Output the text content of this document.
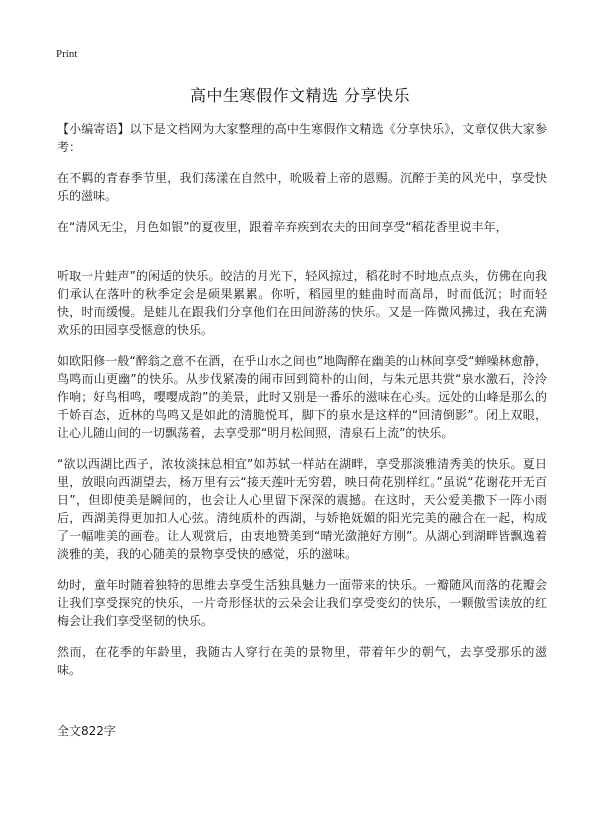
Print
高中生寒假作文精选 分享快乐

【小编寄语】以下是文档网为大家整理的高中生寒假作文精选《分享快乐》，文章仅供大家参考：

在不羁的青春季节里，我们荡漾在自然中，吮吸着上帝的恩赐。沉醉于美的风光中，享受快乐的滋味。

在“清风无尘，月色如银”的夏夜里，跟着辛弃疾到农夫的田间享受“稻花香里说丰年，

听取一片蛙声”的闲适的快乐。皎洁的月光下，轻风掠过，稻花时不时地点点头，仿佛在向我们承认在落叶的秋季定会是硕果累累。你听，稻园里的蛙曲时而高昂，时而低沉；时而轻快，时而缓慢。是蛙儿在跟我们分享他们在田间游荡的快乐。又是一阵微风拂过，我在充满欢乐的田园享受惬意的快乐。

如欧阳修一般“醉翁之意不在酒，在乎山水之间也”地陶醉在幽美的山林间享受“蝉噪林愈静，鸟鸣而山更幽”的快乐。从步伐紧凑的闹市回到简朴的山间，与朱元思共赏“泉水激石，泠泠作响；好鸟相鸣，嘤嘤成韵”的美景，此时又别是一番乐的滋味在心头。远处的山峰是那么的千娇百态，近林的鸟鸣又是如此的清脆悦耳，脚下的泉水是这样的“回清倒影”。闭上双眼，让心儿随山间的一切飘荡着，去享受那“明月松间照，清泉石上流”的快乐。

“欲以西湖比西子，浓妆淡抹总相宜”如苏轼一样站在湖畔，享受那淡雅清秀美的快乐。夏日里，放眼向西湖望去，杨万里有云“接天莲叶无穷碧，映日荷花别样红。”虽说“花谢花开无百日”，但即使美是瞬间的，也会让人心里留下深深的震撼。在这时，天公爱美撒下一阵小雨后，西湖美得更加扣人心弦。清纯质朴的西湖，与娇艳妩媚的阳光完美的融合在一起，构成了一幅唯美的画卷。让人观赏后，由衷地赞美到“晴光潋滟好方刚”。从湖心到湖畔皆飘逸着淡雅的美，我的心随美的景物享受快的感觉，乐的滋味。

幼时，童年时随着独特的思维去享受生活独具魅力一面带来的快乐。一瓣随风而落的花瓣会让我们享受探究的快乐，一片奇形怪状的云朵会让我们享受变幻的快乐，一颗傲雪读放的红梅会让我们享受坚韧的快乐。

然而，在花季的年龄里，我随古人穿行在美的景物里，带着年少的朝气，去享受那乐的滋味。

全文822字
